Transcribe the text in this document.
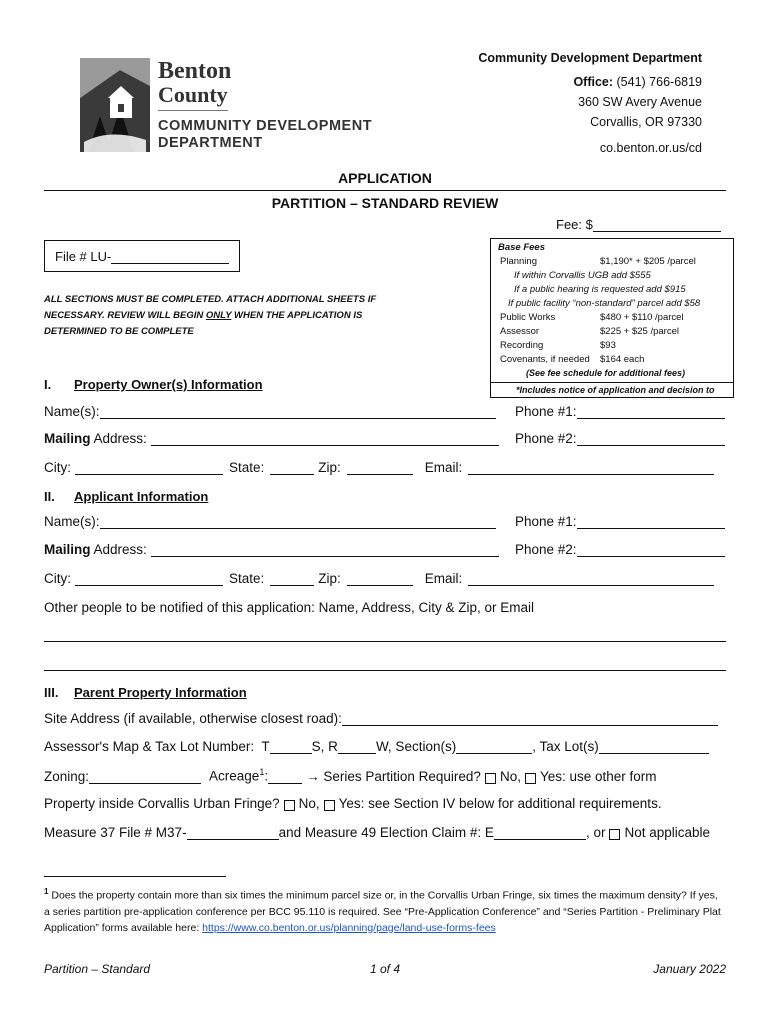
Benton
County
COMMUNITY DEVELOPMENT
DEPARTMENT
Community Development Department
Office: (541) 766-6819
360 SW Avery Avenue
Corvallis, OR 97330
co.benton.or.us/cd
APPLICATION
PARTITION – STANDARD REVIEW
Fee: $
File # LU-
ALL SECTIONS MUST BE COMPLETED. ATTACH ADDITIONAL SHEETS IF NECESSARY. REVIEW WILL BEGIN ONLY WHEN THE APPLICATION IS DETERMINED TO BE COMPLETE
Base Fees
Planning	$1,190* + $205 /parcel
If within Corvallis UGB add $555
If a public hearing is requested add $915
If public facility “non-standard” parcel add $58
Public Works	$480 + $110 /parcel
Assessor	$225 + $25 /parcel
Recording	$93
Covenants, if needed	$164 each
(See fee schedule for additional fees)
*Includes notice of application and decision to
I. Property Owner(s) Information
Name(s):	Phone #1:
Mailing Address:	Phone #2:
City:	State:	Zip:	Email:
II. Applicant Information
Name(s):	Phone #1:
Mailing Address:	Phone #2:
City:	State:	Zip:	Email:
Other people to be notified of this application: Name, Address, City & Zip, or Email
III. Parent Property Information
Site Address (if available, otherwise closest road):
Assessor's Map & Tax Lot Number:  T	S, R	W, Section(s)	, Tax Lot(s)
Zoning:	Acreage$^1$:	→ Series Partition Required? No, Yes: use other form
Property inside Corvallis Urban Fringe? No, Yes: see Section IV below for additional requirements.
Measure 37 File # M37-	and Measure 49 Election Claim #: E	, or Not applicable
$^1$ Does the property contain more than six times the minimum parcel size or, in the Corvallis Urban Fringe, six times the maximum density? If yes, a series partition pre-application conference per BCC 95.110 is required. See “Pre-Application Conference” and “Series Partition - Preliminary Plat Application” forms available here: https://www.co.benton.or.us/planning/page/land-use-forms-fees
Partition – Standard	1 of 4	January 2022
